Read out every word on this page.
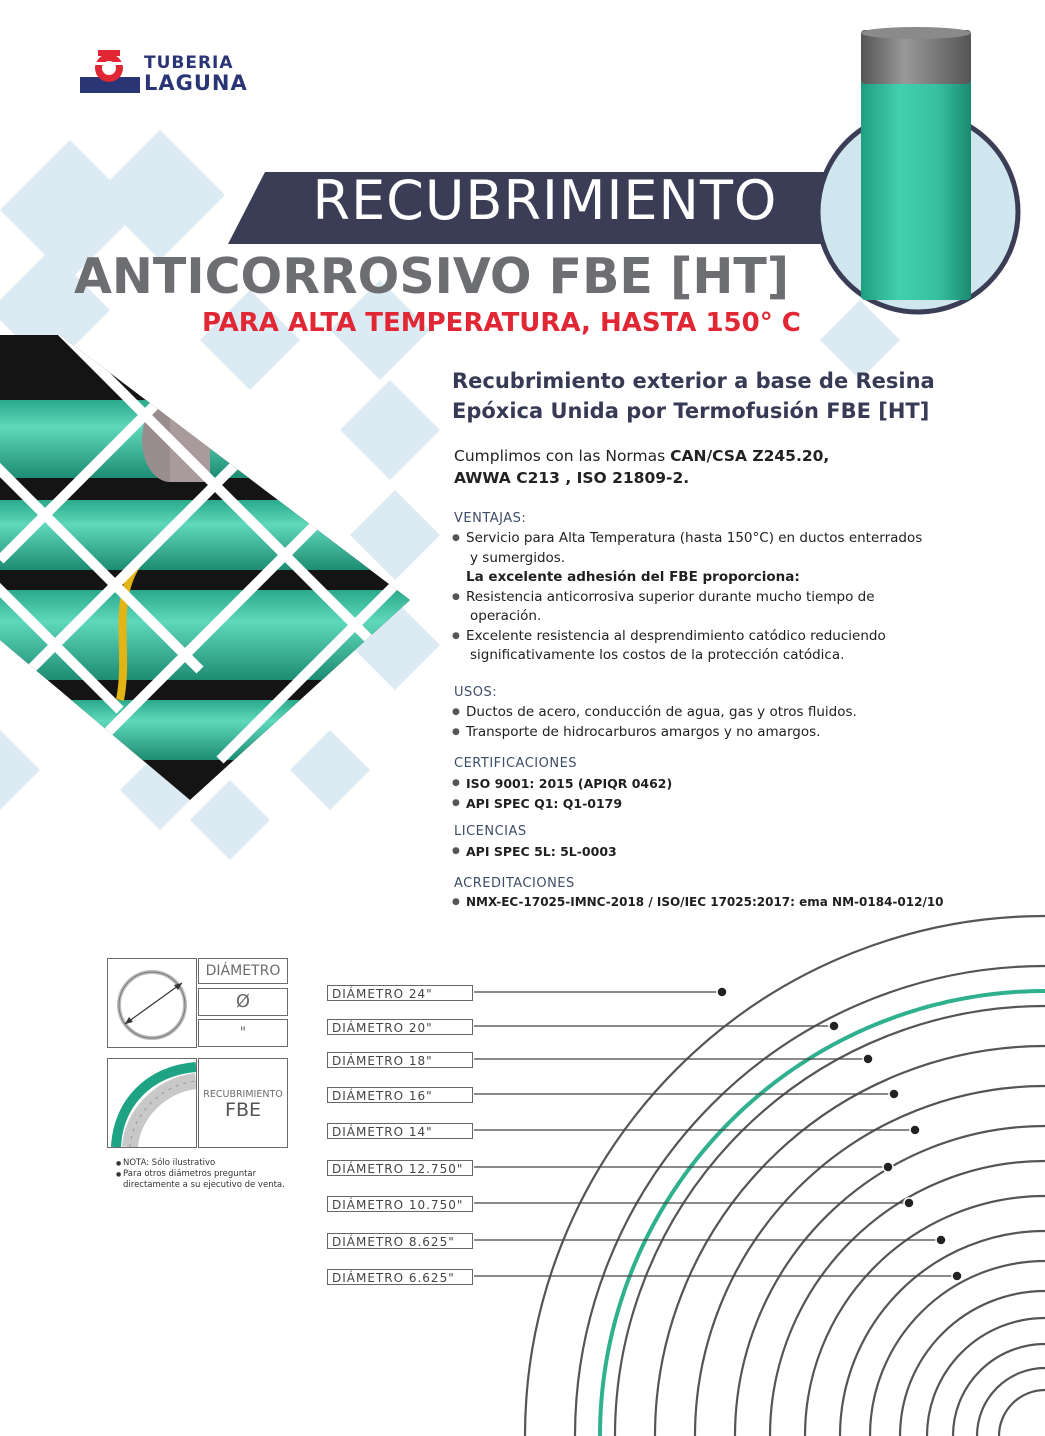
TUBERIA
LAGUNA
RECUBRIMIENTO
ANTICORROSIVO FBE [HT]
PARA ALTA TEMPERATURA, HASTA 150° C
Recubrimiento exterior a base de Resina
Epóxica Unida por Termofusión FBE [HT]
Cumplimos con las Normas CAN/CSA Z245.20,
AWWA C213 , ISO 21809-2.
VENTAJAS:
● Servicio para Alta Temperatura (hasta 150°C) en ductos enterrados
y sumergidos.
La excelente adhesión del FBE proporciona:
● Resistencia anticorrosiva superior durante mucho tiempo de
operación.
● Excelente resistencia al desprendimiento catódico reduciendo
significativamente los costos de la protección catódica.
USOS:
● Ductos de acero, conducción de agua, gas y otros fluidos.
● Transporte de hidrocarburos amargos y no amargos.
CERTIFICACIONES
● ISO 9001: 2015 (APIQR 0462)
● API SPEC Q1: Q1-0179
LICENCIAS
● API SPEC 5L: 5L-0003
ACREDITACIONES
● NMX-EC-17025-IMNC-2018 / ISO/IEC 17025:2017: ema NM-0184-012/10
DIÁMETRO
Ø
"
RECUBRIMIENTO
FBE
● NOTA: Sólo ilustrativo
● Para otros diámetros preguntar
directamente a su ejecutivo de venta.
DIÁMETRO 24"
DIÁMETRO 20"
DIÁMETRO 18"
DIÁMETRO 16"
DIÁMETRO 14"
DIÁMETRO 12.750"
DIÁMETRO 10.750"
DIÁMETRO 8.625"
DIÁMETRO 6.625"
